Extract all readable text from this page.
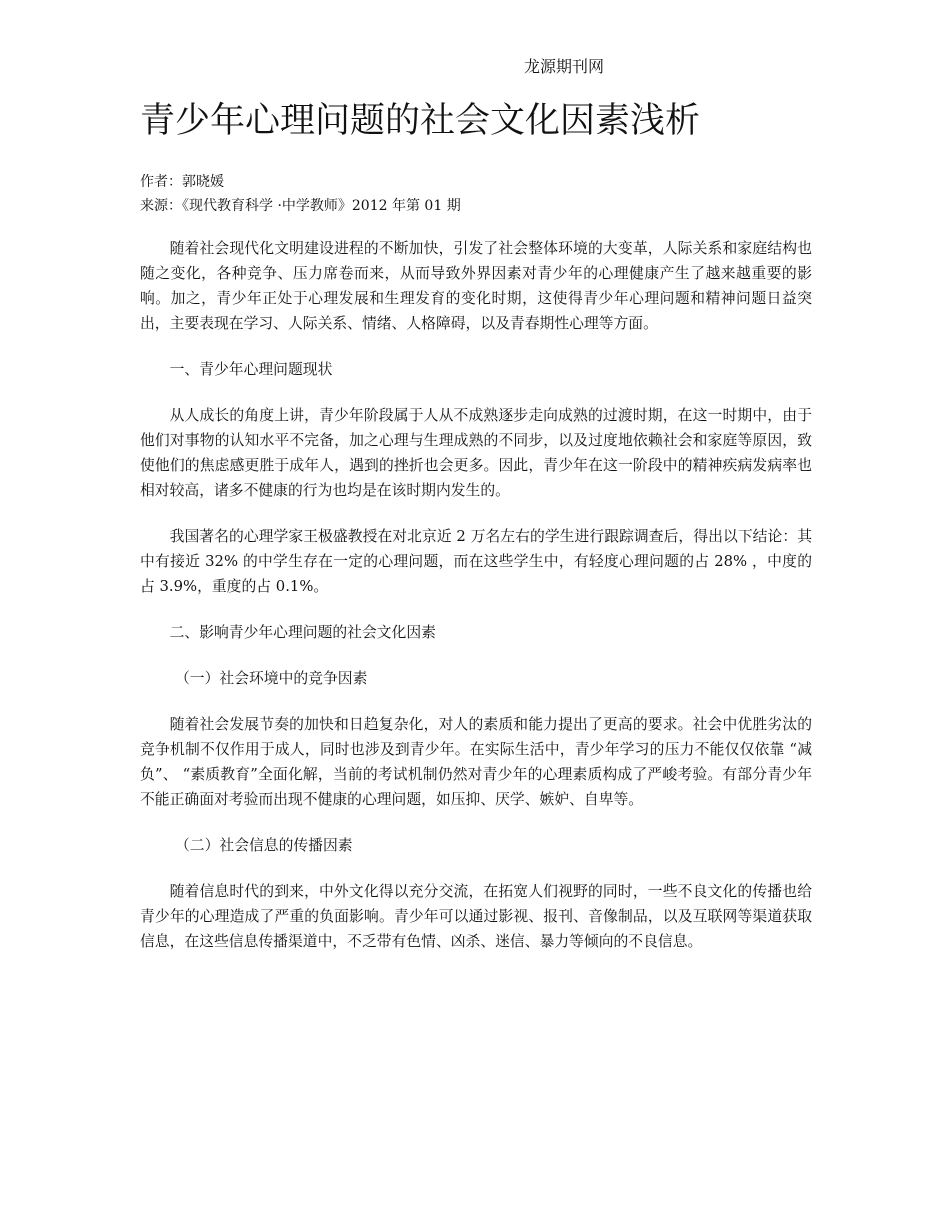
龙源期刊网
青少年心理问题的社会文化因素浅析
作者：郭晓媛
来源：《现代教育科学 ·中学教师》2012 年第 01 期

随着社会现代化文明建设进程的不断加快，引发了社会整体环境的大变革，人际关系和家庭结构也随之变化，各种竞争、压力席卷而来，从而导致外界因素对青少年的心理健康产生了越来越重要的影响。加之，青少年正处于心理发展和生理发育的变化时期，这使得青少年心理问题和精神问题日益突出，主要表现在学习、人际关系、情绪、人格障碍，以及青春期性心理等方面。

一、青少年心理问题现状

从人成长的角度上讲，青少年阶段属于人从不成熟逐步走向成熟的过渡时期，在这一时期中，由于他们对事物的认知水平不完备，加之心理与生理成熟的不同步，以及过度地依赖社会和家庭等原因，致使他们的焦虑感更胜于成年人，遇到的挫折也会更多。因此，青少年在这一阶段中的精神疾病发病率也相对较高，诸多不健康的行为也均是在该时期内发生的。

我国著名的心理学家王极盛教授在对北京近 2 万名左右的学生进行跟踪调查后，得出以下结论：其中有接近 32% 的中学生存在一定的心理问题，而在这些学生中，有轻度心理问题的占 28% ，中度的占 3.9%，重度的占 0.1%。

二、影响青少年心理问题的社会文化因素

（一）社会环境中的竞争因素

随着社会发展节奏的加快和日趋复杂化，对人的素质和能力提出了更高的要求。社会中优胜劣汰的竞争机制不仅作用于成人，同时也涉及到青少年。在实际生活中，青少年学习的压力不能仅仅依靠 “减负”、 “素质教育”全面化解，当前的考试机制仍然对青少年的心理素质构成了严峻考验。有部分青少年不能正确面对考验而出现不健康的心理问题，如压抑、厌学、嫉妒、自卑等。

（二）社会信息的传播因素

随着信息时代的到来，中外文化得以充分交流，在拓宽人们视野的同时，一些不良文化的传播也给青少年的心理造成了严重的负面影响。青少年可以通过影视、报刊、音像制品，以及互联网等渠道获取信息，在这些信息传播渠道中，不乏带有色情、凶杀、迷信、暴力等倾向的不良信息。
